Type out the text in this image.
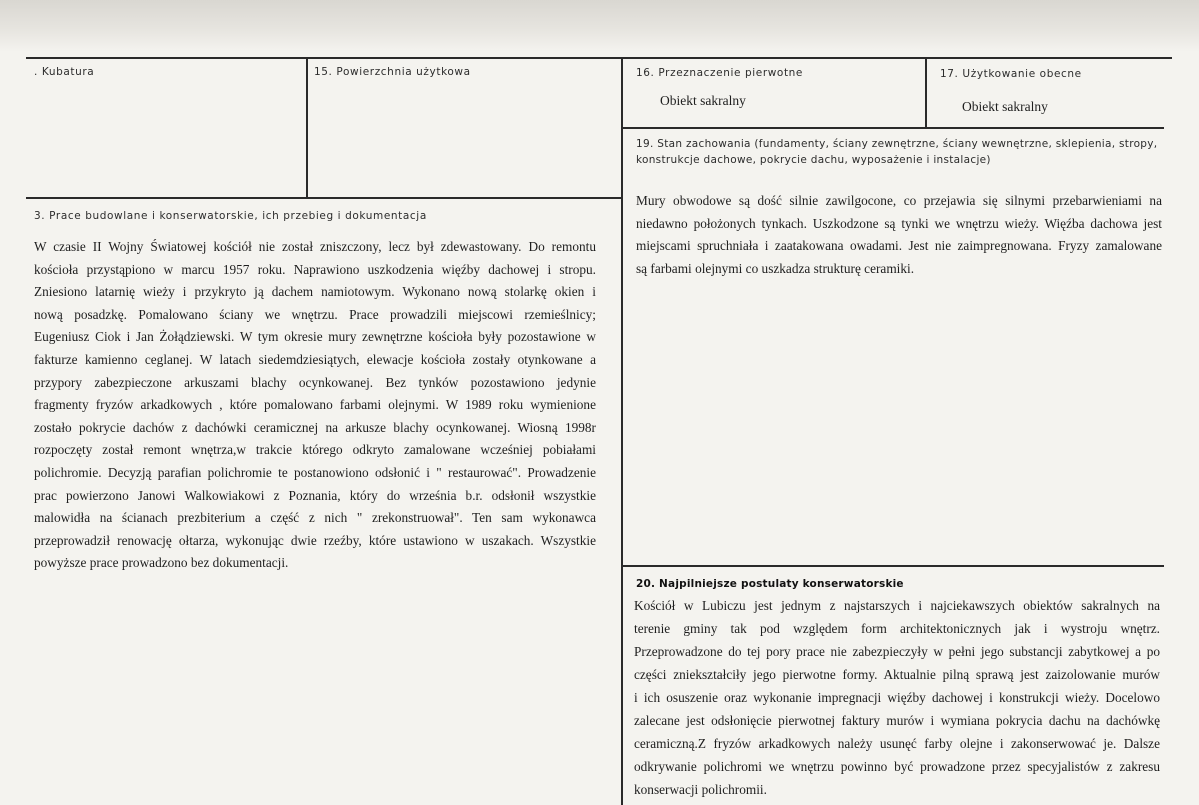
. Kubatura	15. Powierzchnia użytkowa	16. Przeznaczenie pierwotne

Obiekt sakralny

17. Użytkowanie obecne

Obiekt sakralny

19. Stan zachowania (fundamenty, ściany zewnętrzne, ściany wewnętrzne, sklepienia, stropy, konstrukcje dachowe, pokrycie dachu, wyposażenie i instalacje)

Mury obwodowe są dość silnie zawilgocone, co przejawia się silnymi przebarwieniami na

niedawno położonych tynkach. Uszkodzone są tynki we wnętrzu wieży. Więźba dachowa jest

miejscami spruchniała i zaatakowana owadami. Jest nie zaimpregnowana. Fryzy zamalowane

są farbami olejnymi co uszkadza strukturę ceramiki.

3. Prace budowlane i konserwatorskie, ich przebieg i dokumentacja

W czasie II Wojny Światowej kościół nie został zniszczony, lecz był zdewastowany. Do remontu

kościoła przystąpiono w marcu 1957 roku. Naprawiono uszkodzenia więźby dachowej i stropu.

Zniesiono latarnię wieży i przykryto ją dachem namiotowym. Wykonano nową stolarkę okien i

nową posadzkę. Pomalowano ściany we wnętrzu. Prace prowadzili miejscowi rzemieślnicy;

Eugeniusz Ciok i Jan Żołądziewski. W tym okresie mury zewnętrzne kościoła były pozostawione w

fakturze kamienno ceglanej. W latach siedemdziesiątych, elewacje kościoła zostały otynkowane a

przypory zabezpieczone arkuszami blachy ocynkowanej. Bez tynków pozostawiono jedynie

fragmenty fryzów arkadkowych , które pomalowano farbami olejnymi. W 1989 roku wymienione

zostało pokrycie dachów z dachówki ceramicznej na arkusze blachy ocynkowanej. Wiosną 1998r

rozpoczęty został remont wnętrza,w trakcie którego odkryto zamalowane wcześniej pobiałami

polichromie. Decyzją parafian polichromie te postanowiono odsłonić i " restaurować". Prowadzenie

prac powierzono Janowi Walkowiakowi z Poznania, który do września b.r. odsłonił wszystkie

malowidła na ścianach prezbiterium a część z nich " zrekonstruował". Ten sam wykonawca

przeprowadził renowację ołtarza, wykonując dwie rzeźby, które ustawiono w uszakach. Wszystkie

powyższe prace prowadzono bez dokumentacji.

20. Najpilniejsze postulaty konserwatorskie

Kościół w Lubiczu jest jednym z najstarszych i najciekawszych obiektów sakralnych na

terenie gminy tak pod względem form architektonicznych jak i wystroju wnętrz.

Przeprowadzone do tej pory prace nie zabezpieczyły w pełni jego substancji zabytkowej a po

części zniekształciły jego pierwotne formy. Aktualnie pilną sprawą jest zaizolowanie murów

i ich osuszenie oraz wykonanie impregnacji więźby dachowej i konstrukcji wieży. Docelowo

zalecane jest odsłonięcie pierwotnej faktury murów i wymiana pokrycia dachu na dachówkę

ceramiczną.Z fryzów arkadkowych należy usunęć farby olejne i zakonserwować je. Dalsze

odkrywanie polichromi we wnętrzu powinno być prowadzone przez specyjalistów z zakresu

konserwacji polichromii.
